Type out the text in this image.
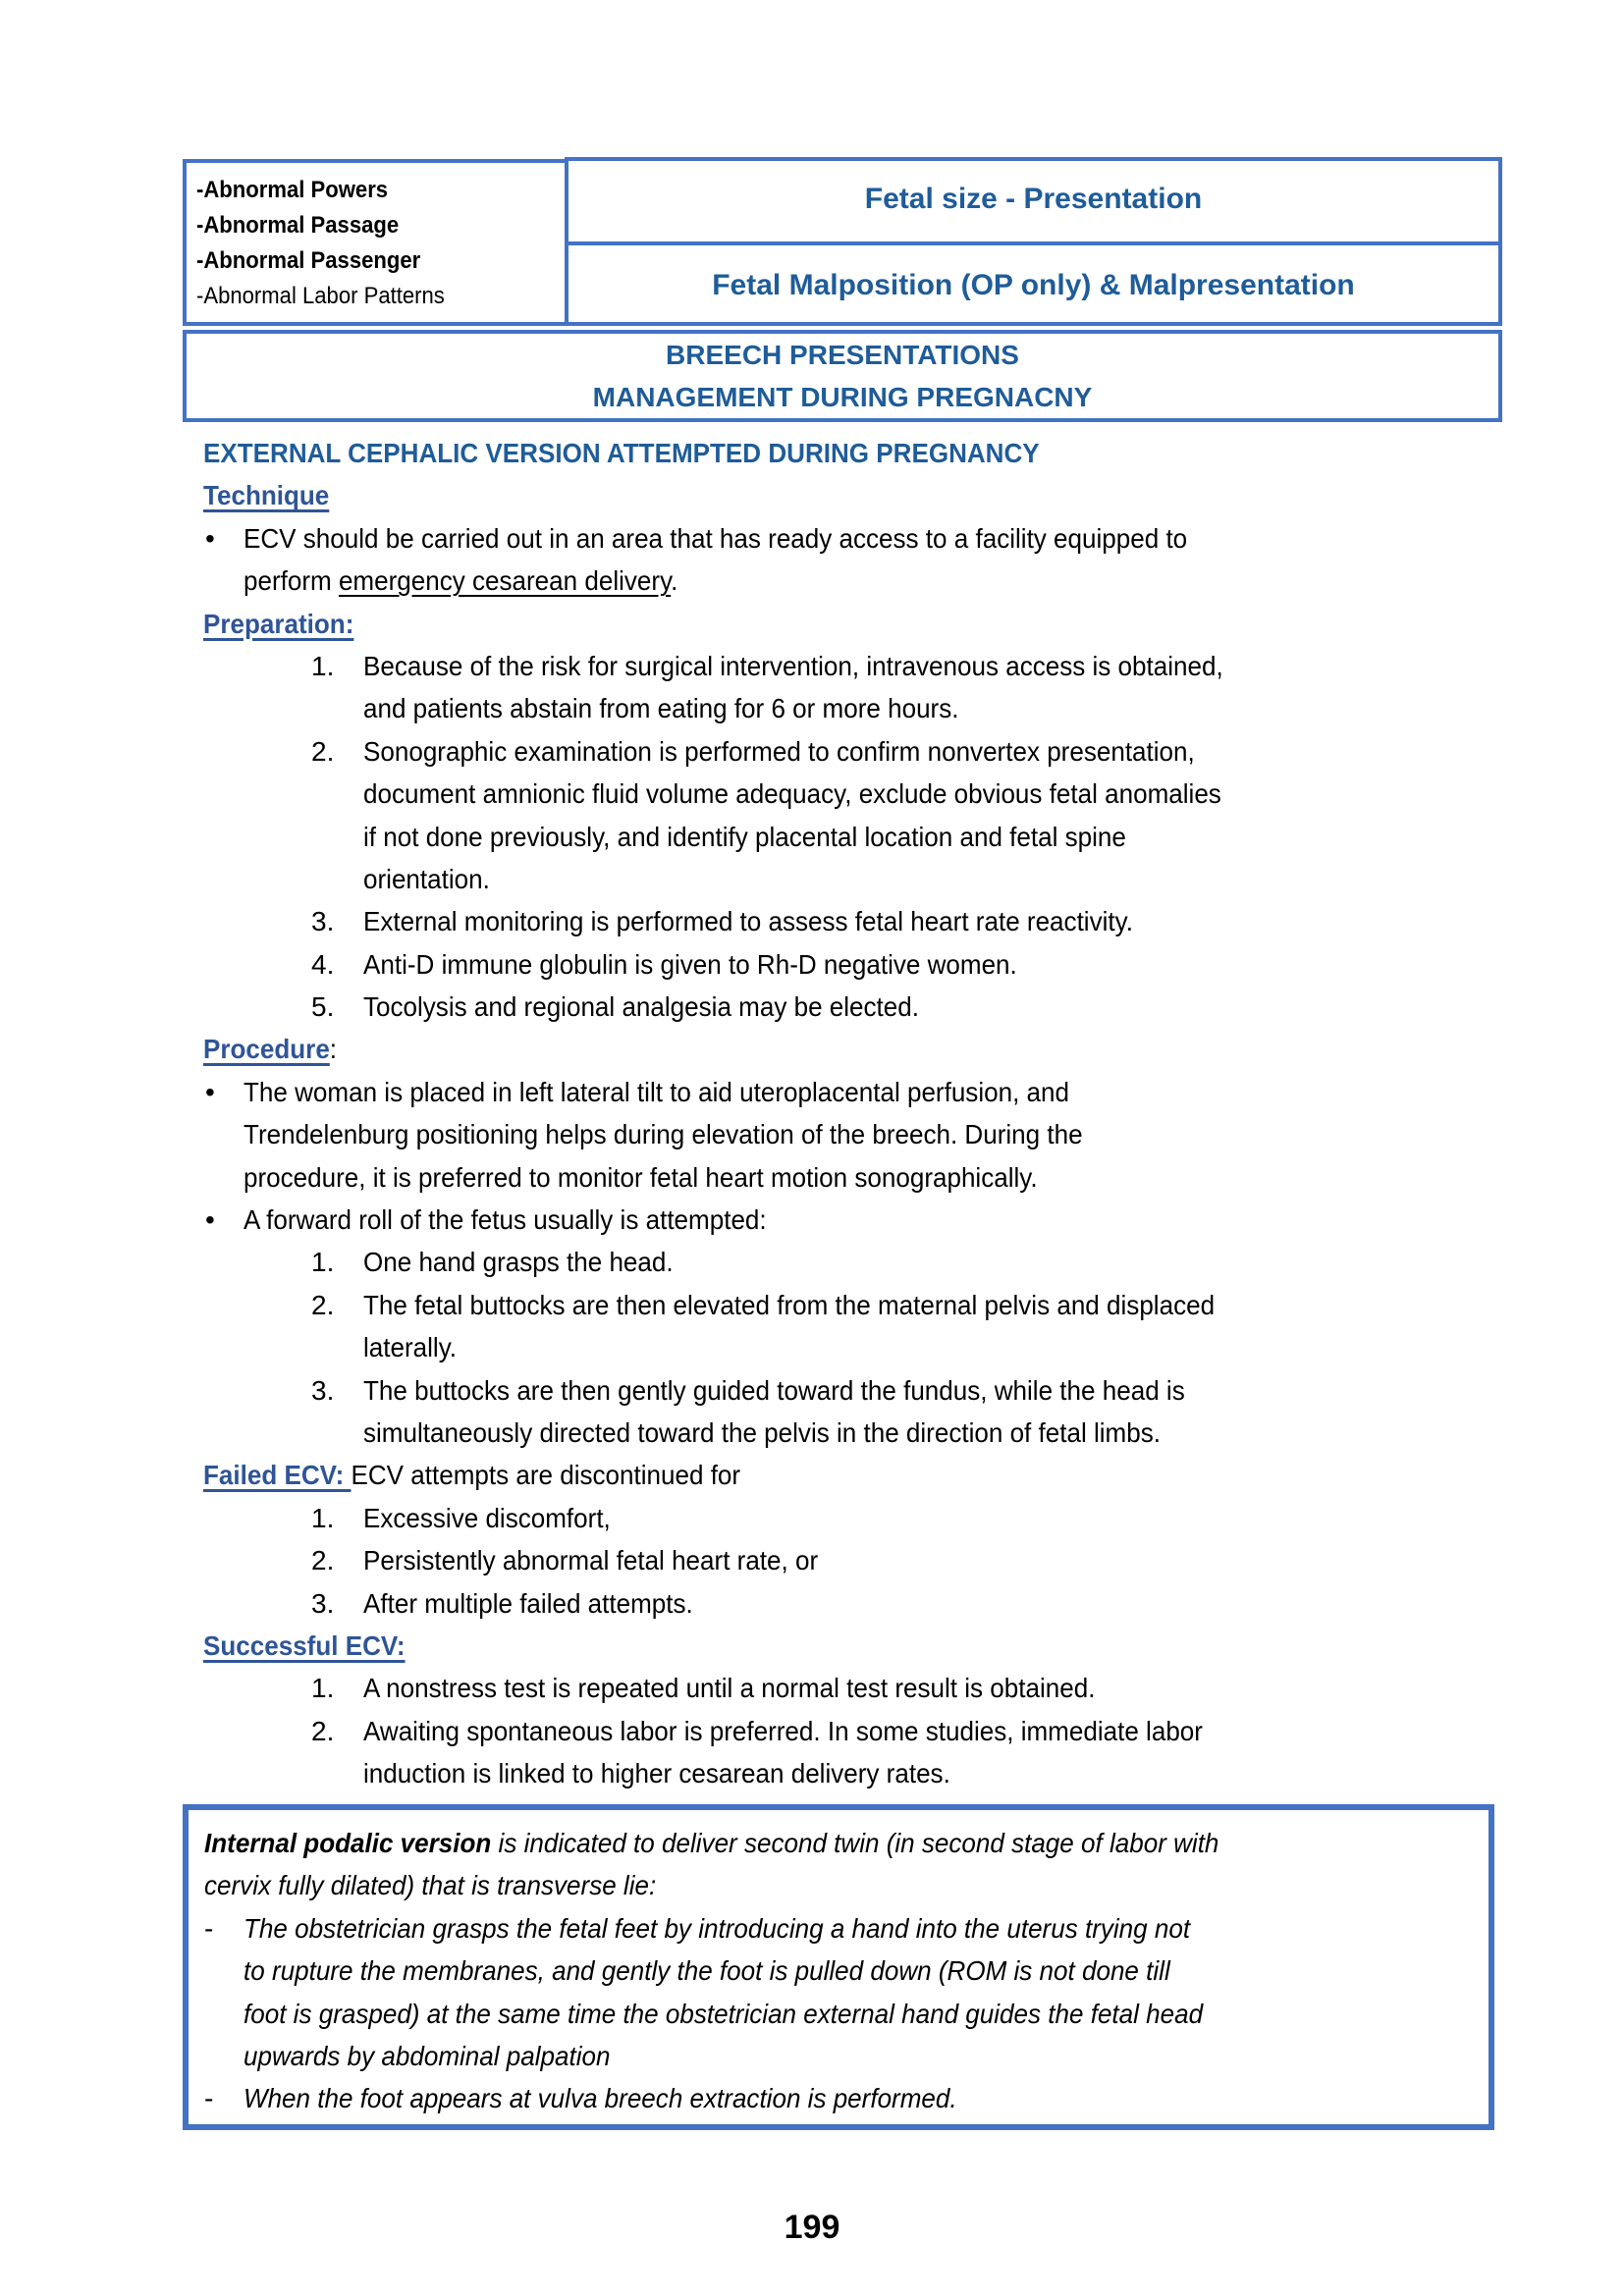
-Abnormal Powers
-Abnormal Passage
-Abnormal Passenger
-Abnormal Labor Patterns
Fetal size - Presentation
Fetal Malposition (OP only) & Malpresentation
BREECH PRESENTATIONS
MANAGEMENT DURING PREGNACNY
EXTERNAL CEPHALIC VERSION ATTEMPTED DURING PREGNANCY
Technique
• ECV should be carried out in an area that has ready access to a facility equipped to
perform emergency cesarean delivery.
Preparation:
1. Because of the risk for surgical intervention, intravenous access is obtained,
and patients abstain from eating for 6 or more hours.
2. Sonographic examination is performed to confirm nonvertex presentation,
document amnionic fluid volume adequacy, exclude obvious fetal anomalies
if not done previously, and identify placental location and fetal spine
orientation.
3. External monitoring is performed to assess fetal heart rate reactivity.
4. Anti-D immune globulin is given to Rh-D negative women.
5. Tocolysis and regional analgesia may be elected.
Procedure:
• The woman is placed in left lateral tilt to aid uteroplacental perfusion, and
Trendelenburg positioning helps during elevation of the breech. During the
procedure, it is preferred to monitor fetal heart motion sonographically.
• A forward roll of the fetus usually is attempted:
1. One hand grasps the head.
2. The fetal buttocks are then elevated from the maternal pelvis and displaced
laterally.
3. The buttocks are then gently guided toward the fundus, while the head is
simultaneously directed toward the pelvis in the direction of fetal limbs.
Failed ECV: ECV attempts are discontinued for
1. Excessive discomfort,
2. Persistently abnormal fetal heart rate, or
3. After multiple failed attempts.
Successful ECV:
1. A nonstress test is repeated until a normal test result is obtained.
2. Awaiting spontaneous labor is preferred. In some studies, immediate labor
induction is linked to higher cesarean delivery rates.
Internal podalic version is indicated to deliver second twin (in second stage of labor with
cervix fully dilated) that is transverse lie:
- The obstetrician grasps the fetal feet by introducing a hand into the uterus trying not
to rupture the membranes, and gently the foot is pulled down (ROM is not done till
foot is grasped) at the same time the obstetrician external hand guides the fetal head
upwards by abdominal palpation
- When the foot appears at vulva breech extraction is performed.
199
